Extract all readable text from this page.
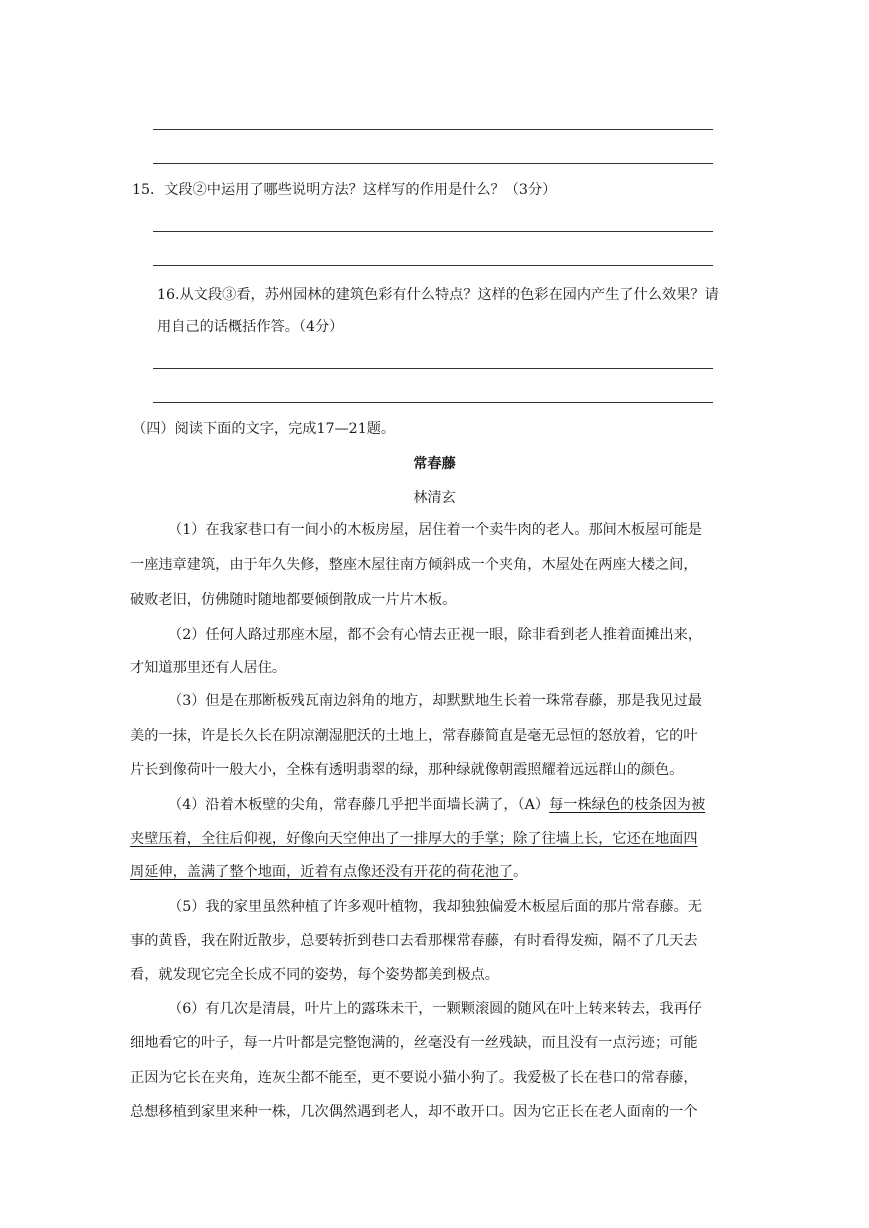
15．文段②中运用了哪些说明方法？这样写的作用是什么？（3分）
16.从文段③看，苏州园林的建筑色彩有什么特点？这样的色彩在园内产生了什么效果？请
用自己的话概括作答。（4分）
（四）阅读下面的文字，完成17—21题。
常春藤
林清玄
（1）在我家巷口有一间小的木板房屋，居住着一个卖牛肉的老人。那间木板屋可能是
一座违章建筑，由于年久失修，整座木屋往南方倾斜成一个夹角，木屋处在两座大楼之间，
破败老旧，仿佛随时随地都要倾倒散成一片片木板。
（2）任何人路过那座木屋，都不会有心情去正视一眼，除非看到老人推着面摊出来，
才知道那里还有人居住。
（3）但是在那断板残瓦南边斜角的地方，却默默地生长着一珠常春藤，那是我见过最
美的一抹，许是长久长在阴凉潮湿肥沃的土地上，常春藤简直是毫无忌恒的怒放着，它的叶
片长到像荷叶一般大小，全株有透明翡翠的绿，那种绿就像朝霞照耀着远远群山的颜色。
（4）沿着木板壁的尖角，常春藤几乎把半面墙长满了，（A）每一株绿色的枝条因为被
夹壁压着，全往后仰视，好像向天空伸出了一排厚大的手掌；除了往墙上长，它还在地面四
周延伸，盖满了整个地面，近着有点像还没有开花的荷花池了。
（5）我的家里虽然种植了许多观叶植物，我却独独偏爱木板屋后面的那片常春藤。无
事的黄昏，我在附近散步，总要转折到巷口去看那棵常春藤，有时看得发痴，隔不了几天去
看，就发现它完全长成不同的姿势，每个姿势都美到极点。
（6）有几次是清晨，叶片上的露珠未干，一颗颗滚圆的随风在叶上转来转去，我再仔
细地看它的叶子，每一片叶都是完整饱满的，丝毫没有一丝残缺，而且没有一点污迹；可能
正因为它长在夹角，连灰尘都不能至，更不要说小猫小狗了。我爱极了长在巷口的常春藤，
总想移植到家里来种一株，几次偶然遇到老人，却不敢开口。因为它正长在老人面南的一个
